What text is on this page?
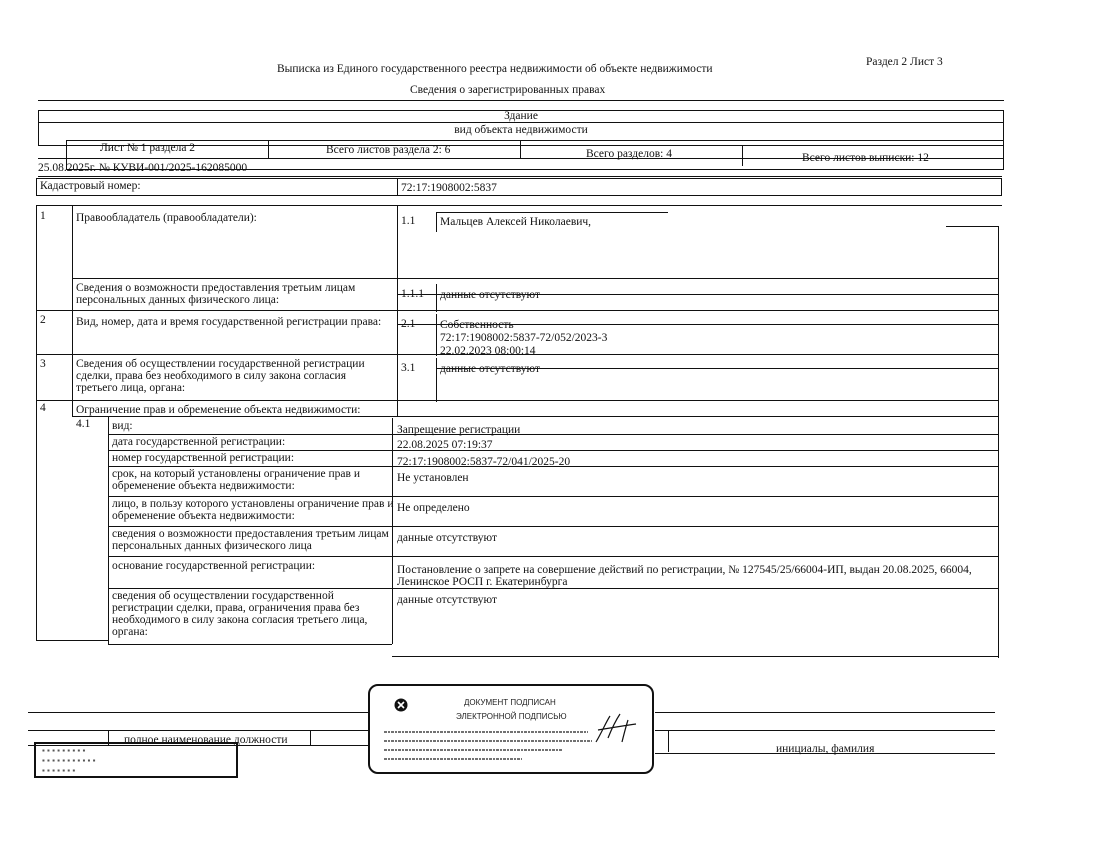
Раздел 2 Лист 3
Выписка из Единого государственного реестра недвижимости об объекте недвижимости
Сведения о зарегистрированных правах
Здание
вид объекта недвижимости
Лист № 1 раздела 2	Всего листов раздела 2: 6	Всего разделов: 4	Всего листов выписки: 12
25.08.2025г. № КУВИ-001/2025-162085000
Кадастровый номер:	72:17:1908002:5837
1	Правообладатель (правообладатели):	1.1 Мальцев Алексей Николаевич,
Сведения о возможности предоставления третьим лицам персональных данных физического лица:	1.1.1 данные отсутствуют
2	Вид, номер, дата и время государственной регистрации права:	2.1 Собственность
72:17:1908002:5837-72/052/2023-3
22.02.2023 08:00:14
3	Сведения об осуществлении государственной регистрации сделки, права без необходимого в силу закона согласия третьего лица, органа:
3.1 данные отсутствуют
4	Ограничение прав и обременение объекта недвижимости:
4.1 вид:	Запрещение регистрации
дата государственной регистрации:	22.08.2025 07:19:37
номер государственной регистрации:	72:17:1908002:5837-72/041/2025-20
срок, на который установлены ограничение прав и обременение объекта недвижимости:
Не установлен
лицо, в пользу которого установлены ограничение прав и обременение объекта недвижимости:
Не определено
сведения о возможности предоставления третьим лицам персональных данных физического лица
данные отсутствуют
основание государственной регистрации:	Постановление о запрете на совершение действий по регистрации, № 127545/25/66004-ИП, выдан 20.08.2025, 66004, Ленинское РОСП г. Екатеринбурга
сведения об осуществлении государственной регистрации сделки, права, ограничения права без необходимого в силу закона согласия третьего лица, органа:
данные отсутствуют
полное наименование должности
инициалы, фамилия
▪ ▪ ▪ ▪ ▪ ▪ ▪ ▪ ▪
▪ ▪ ▪ ▪ ▪ ▪ ▪ ▪ ▪ ▪ ▪
▪ ▪ ▪ ▪ ▪ ▪ ▪
ДОКУМЕНТ ПОДПИСАН
ЭЛЕКТРОННОЙ ПОДПИСЬЮ
